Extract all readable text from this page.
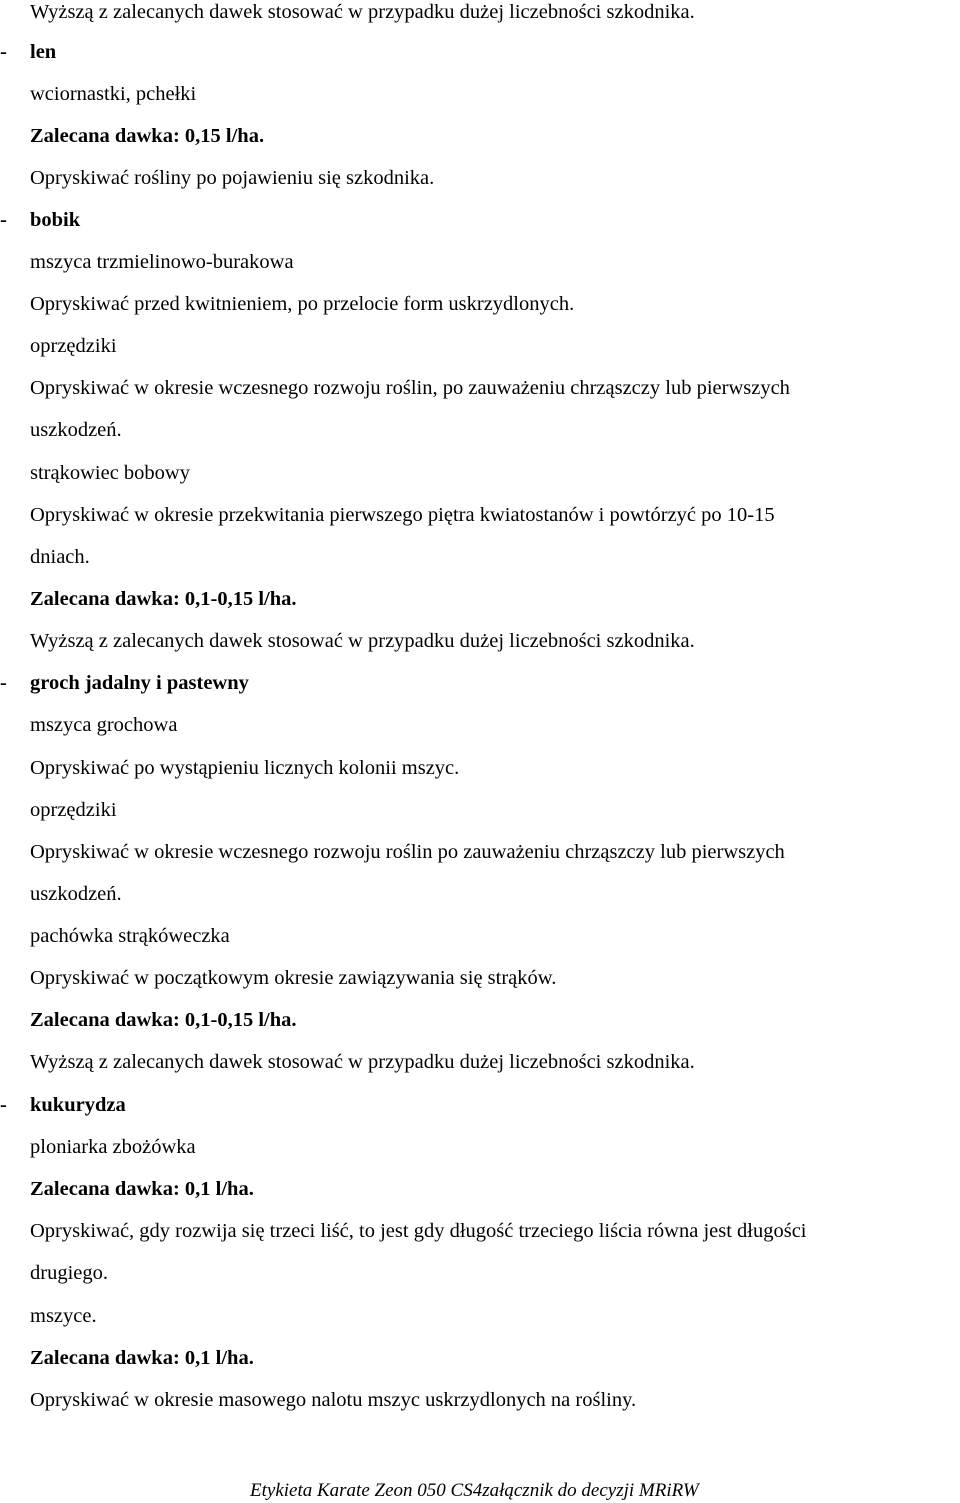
Wyższą z zalecanych dawek stosować w przypadku dużej liczebności szkodnika.
- len
wciornastki, pchełki
Zalecana dawka: 0,15 l/ha.
Opryskiwać rośliny po pojawieniu się szkodnika.
- bobik
mszyca trzmielinowo-burakowa
Opryskiwać przed kwitnieniem, po przelocie form uskrzydlonych.
oprzędziki
Opryskiwać w okresie wczesnego rozwoju roślin, po zauważeniu chrząszczy lub pierwszych
uszkodzeń.
strąkowiec bobowy
Opryskiwać w okresie przekwitania pierwszego piętra kwiatostanów i powtórzyć po 10-15
dniach.
Zalecana dawka: 0,1-0,15 l/ha.
Wyższą z zalecanych dawek stosować w przypadku dużej liczebności szkodnika.
- groch jadalny i pastewny
mszyca grochowa
Opryskiwać po wystąpieniu licznych kolonii mszyc.
oprzędziki
Opryskiwać w okresie wczesnego rozwoju roślin po zauważeniu chrząszczy lub pierwszych
uszkodzeń.
pachówka strąkóweczka
Opryskiwać w początkowym okresie zawiązywania się strąków.
Zalecana dawka: 0,1-0,15 l/ha.
Wyższą z zalecanych dawek stosować w przypadku dużej liczebności szkodnika.
- kukurydza
ploniarka zbożówka
Zalecana dawka: 0,1 l/ha.
Opryskiwać, gdy rozwija się trzeci liść, to jest gdy długość trzeciego liścia równa jest długości
drugiego.
mszyce.
Zalecana dawka: 0,1 l/ha.
Opryskiwać w okresie masowego nalotu mszyc uskrzydlonych na rośliny.
Etykieta Karate Zeon 050 CS4załącznik do decyzji MRiRW
